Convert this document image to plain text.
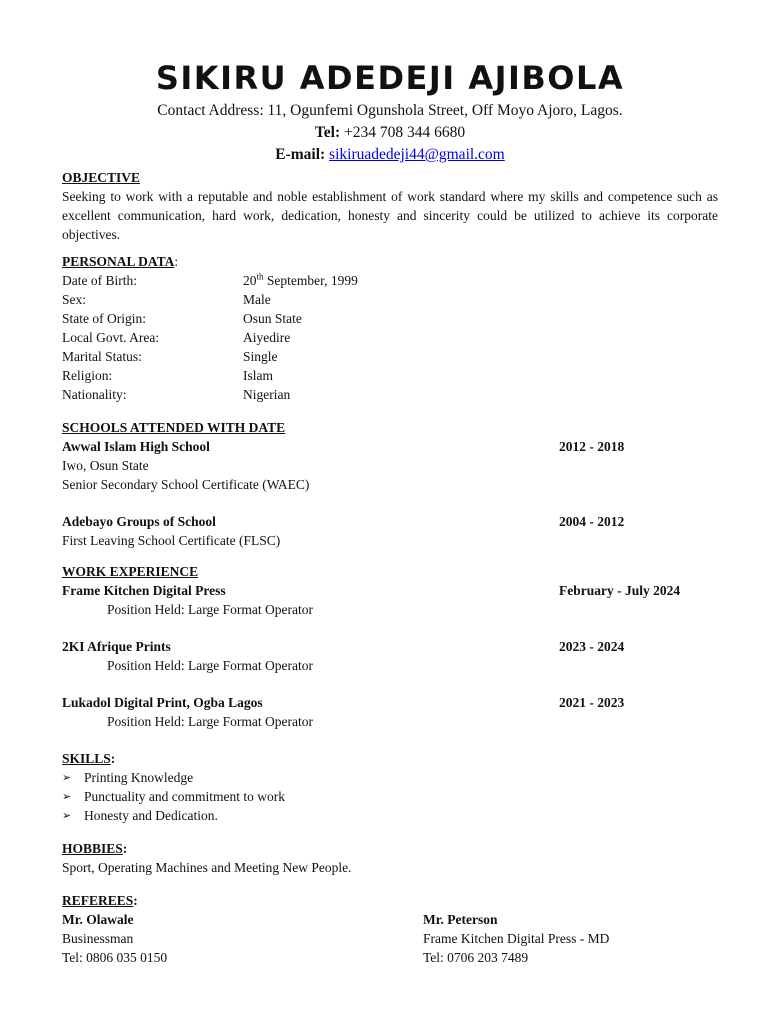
SIKIRU ADEDEJI AJIBOLA
Contact Address: 11, Ogunfemi Ogunshola Street, Off Moyo Ajoro, Lagos.
Tel: +234 708 344 6680
E-mail: sikiruadedeji44@gmail.com
OBJECTIVE
Seeking to work with a reputable and noble establishment of work standard where my skills and competence such as excellent communication, hard work, dedication, honesty and sincerity could be utilized to achieve its corporate objectives.
PERSONAL DATA:
Date of Birth:	20th September, 1999
Sex:	Male
State of Origin:	Osun State
Local Govt. Area:	Aiyedire
Marital Status:	Single
Religion:	Islam
Nationality:	Nigerian
SCHOOLS ATTENDED WITH DATE
Awwal Islam High School	2012 - 2018
Iwo, Osun State
Senior Secondary School Certificate (WAEC)
Adebayo Groups of School	2004 - 2012
First Leaving School Certificate (FLSC)
WORK EXPERIENCE
Frame Kitchen Digital Press	February - July 2024
Position Held: Large Format Operator
2KI Afrique Prints	2023 - 2024
Position Held: Large Format Operator
Lukadol Digital Print, Ogba Lagos	2021 - 2023
Position Held: Large Format Operator
SKILLS:
➢ Printing Knowledge
➢ Punctuality and commitment to work
➢ Honesty and Dedication.
HOBBIES:
Sport, Operating Machines and Meeting New People.
REFEREES:
Mr. Olawale
Businessman
Tel: 0806 035 0150
Mr. Peterson
Frame Kitchen Digital Press - MD
Tel: 0706 203 7489
